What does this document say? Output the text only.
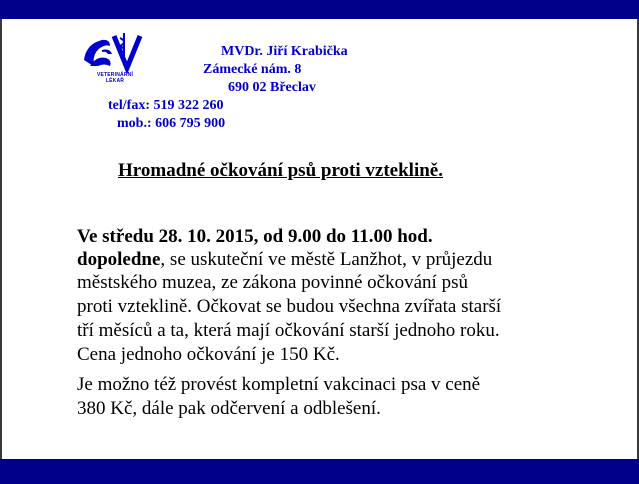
VETERINÁRNÍ
LÉKAŘ
MVDr. Jiří Krabička
Zámecké nám. 8
690 02 Břeclav
tel/fax: 519 322 260
mob.: 606 795 900
Hromadné očkování psů proti vzteklině.
Ve středu 28. 10. 2015, od 9.00 do 11.00 hod.
dopoledne, se uskuteční ve městě Lanžhot, v průjezdu
městského muzea, ze zákona povinné očkování psů
proti vzteklině. Očkovat se budou všechna zvířata starší
tří měsíců a ta, která mají očkování starší jednoho roku.
Cena jednoho očkování je 150 Kč.
Je možno též provést kompletní vakcinaci psa v ceně
380 Kč, dále pak odčervení a odblešení.
